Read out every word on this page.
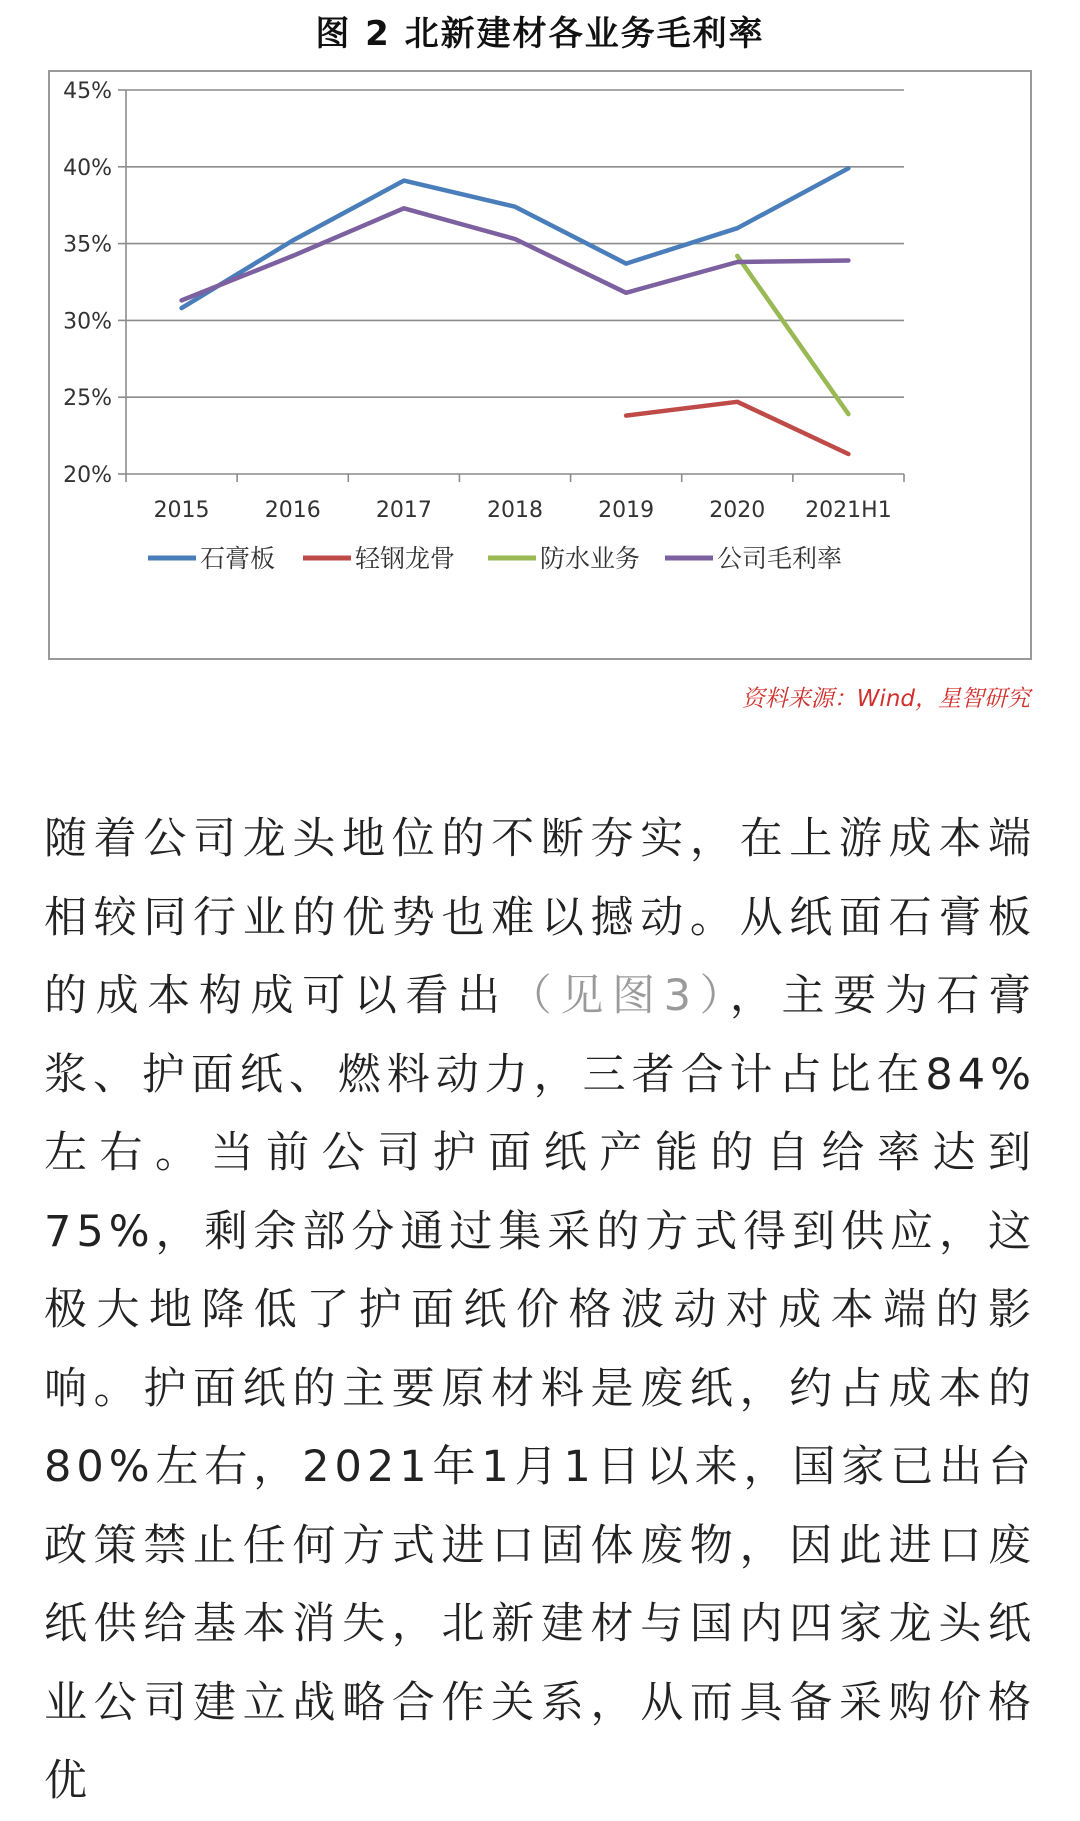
图 2 北新建材各业务毛利率
20%
25%
30%
35%
40%
45%
2015	2016	2017	2018	2019	2020 2021H1
石膏板	轻钢龙骨	防水业务	公司毛利率
资料来源：Wind，星智研究

随着公司龙头地位的不断夯实，在上游成本端相较同行业的优势也难以撼动。从纸面石膏板的成本构成可以看出（见图3），主要为石膏浆、护面纸、燃料动力，三者合计占比在84%左右。当前公司护面纸产能的自给率达到75%，剩余部分通过集采的方式得到供应，这极大地降低了护面纸价格波动对成本端的影响。护面纸的主要原材料是废纸，约占成本的80%左右，2021年1月1日以来，国家已出台政策禁止任何方式进口固体废物，因此进口废纸供给基本消失，北新建材与国内四家龙头纸业公司建立战略合作关系，从而具备采购价格优
